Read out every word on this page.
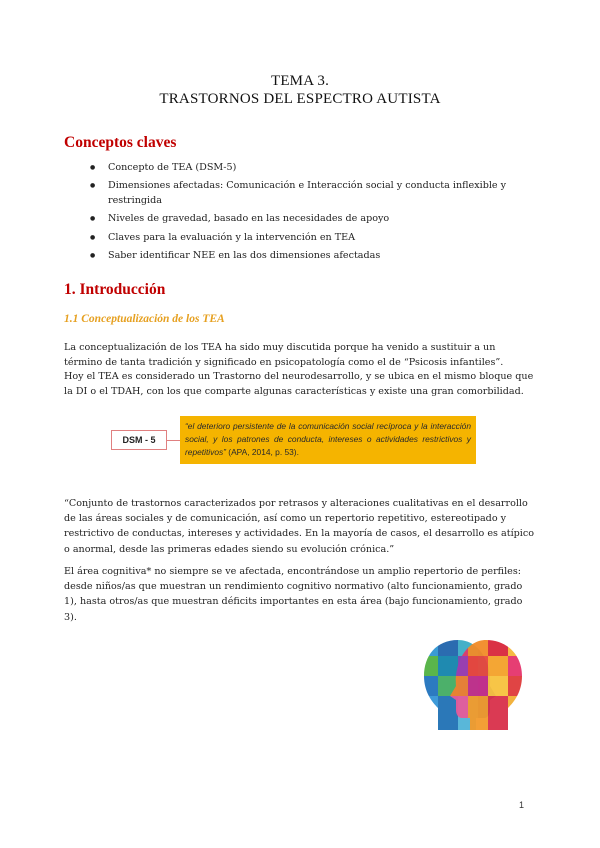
TEMA 3.
TRASTORNOS DEL ESPECTRO AUTISTA
Conceptos claves
● Concepto de TEA (DSM-5)
● Dimensiones afectadas: Comunicación e Interacción social y conducta inflexible y restringida
● Niveles de gravedad, basado en las necesidades de apoyo
● Claves para la evaluación y la intervención en TEA
● Saber identificar NEE en las dos dimensiones afectadas
1. Introducción
1.1 Conceptualización de los TEA

La conceptualización de los TEA ha sido muy discutida porque ha venido a sustituir a un término de tanta tradición y significado en psicopatología como el de “Psicosis infantiles”.

Hoy el TEA es considerado un Trastorno del neurodesarrollo, y se ubica en el mismo bloque que la DI o el TDAH, con los que comparte algunas características y existe una gran comorbilidad.

DSM - 5
“el deterioro persistente de la comunicación social recíproca y la interacción social, y los patrones de conducta, intereses o actividades restrictivos y repetitivos” (APA, 2014, p. 53).

“Conjunto de trastornos caracterizados por retrasos y alteraciones cualitativas en el desarrollo de las áreas sociales y de comunicación, así como un repertorio repetitivo, estereotipado y restrictivo de conductas, intereses y actividades. En la mayoría de casos, el desarrollo es atípico o anormal, desde las primeras edades siendo su evolución crónica.”

El área cognitiva* no siempre se ve afectada, encontrándose un amplio repertorio de perfiles: desde niños/as que muestran un rendimiento cognitivo normativo (alto funcionamiento, grado 1), hasta otros/as que muestran déficits importantes en esta área (bajo funcionamiento, grado 3).

1
